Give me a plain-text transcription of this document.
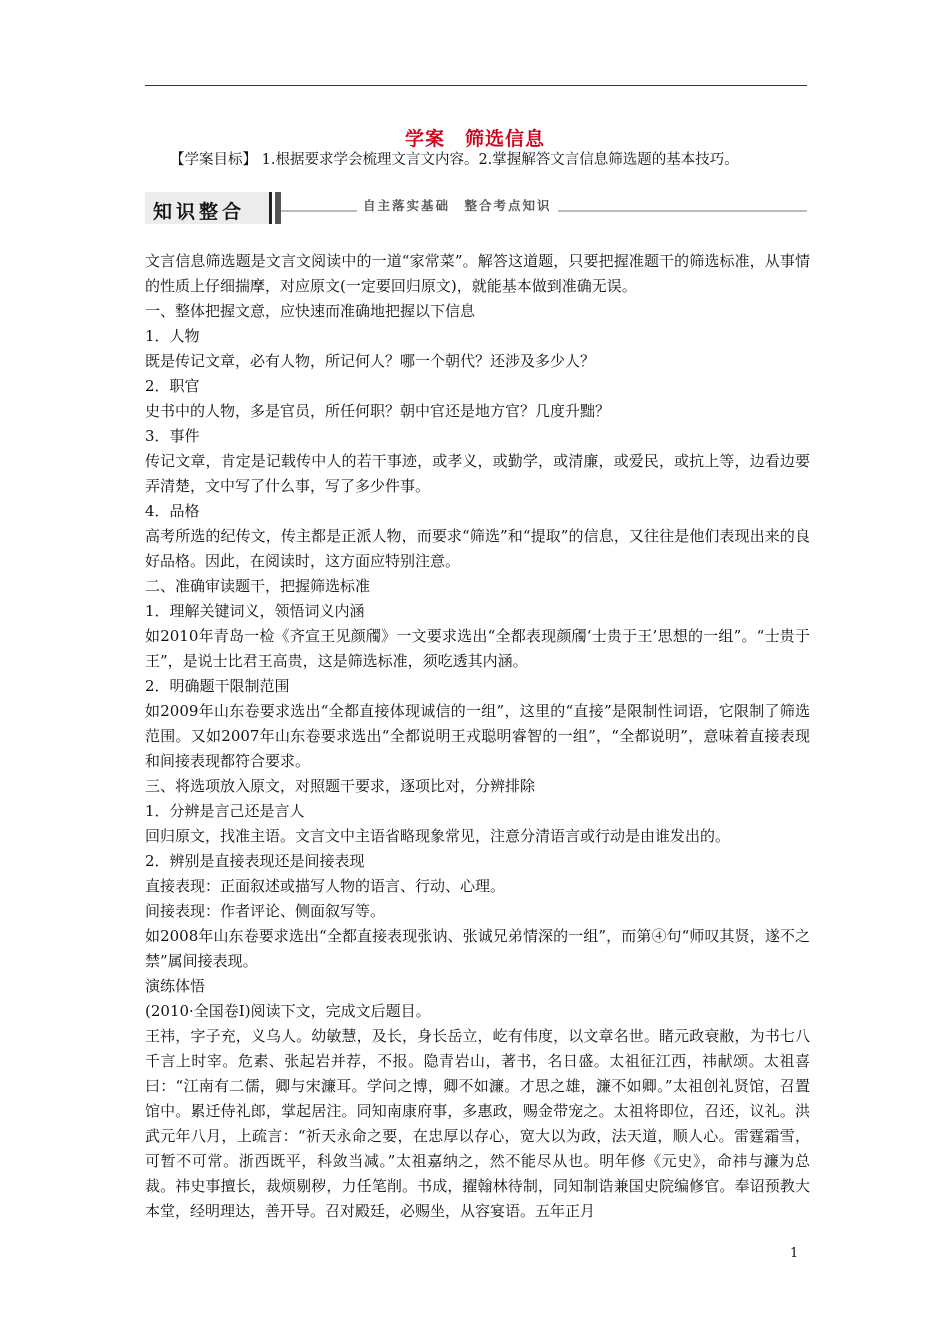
学案　筛选信息
【学案目标】 1.根据要求学会梳理文言文内容。2.掌握解答文言信息筛选题的基本技巧。
知识整合	自主落实基础　整合考点知识

文言信息筛选题是文言文阅读中的一道“家常菜”。解答这道题，只要把握准题干的筛选标准，从事情的性质上仔细揣摩，对应原文(一定要回归原文)，就能基本做到准确无误。

一、整体把握文意，应快速而准确地把握以下信息

1．人物

既是传记文章，必有人物，所记何人？哪一个朝代？还涉及多少人？

2．职官

史书中的人物，多是官员，所任何职？朝中官还是地方官？几度升黜？

3．事件

传记文章，肯定是记载传中人的若干事迹，或孝义，或勤学，或清廉，或爱民，或抗上等，边看边要弄清楚，文中写了什么事，写了多少件事。

4．品格

高考所选的纪传文，传主都是正派人物，而要求“筛选”和“提取”的信息，又往往是他们表现出来的良好品格。因此，在阅读时，这方面应特别注意。

二、准确审读题干，把握筛选标准

1．理解关键词义，领悟词义内涵

如2010年青岛一检《齐宣王见颜斶》一文要求选出“全都表现颜斶‘士贵于王’思想的一组”。“士贵于王”，是说士比君王高贵，这是筛选标准，须吃透其内涵。

2．明确题干限制范围

如2009年山东卷要求选出“全都直接体现诚信的一组”，这里的“直接”是限制性词语，它限制了筛选范围。又如2007年山东卷要求选出“全都说明王戎聪明睿智的一组”，“全都说明”，意味着直接表现和间接表现都符合要求。

三、将选项放入原文，对照题干要求，逐项比对，分辨排除

1．分辨是言己还是言人

回归原文，找准主语。文言文中主语省略现象常见，注意分清语言或行动是由谁发出的。

2．辨别是直接表现还是间接表现

直接表现：正面叙述或描写人物的语言、行动、心理。

间接表现：作者评论、侧面叙写等。

如2008年山东卷要求选出“全都直接表现张讷、张诚兄弟情深的一组”，而第④句“师叹其贤，遂不之禁”属间接表现。

演练体悟

(2010·全国卷Ⅰ)阅读下文，完成文后题目。

王祎，字子充，义乌人。幼敏慧，及长，身长岳立，屹有伟度，以文章名世。睹元政衰敝，为书七八千言上时宰。危素、张起岩并荐，不报。隐青岩山，著书，名日盛。太祖征江西，祎献颂。太祖喜曰：“江南有二儒，卿与宋濂耳。学问之博，卿不如濂。才思之雄，濂不如卿。”太祖创礼贤馆，召置馆中。累迁侍礼郎，掌起居注。同知南康府事，多惠政，赐金带宠之。太祖将即位，召还，议礼。洪武元年八月，上疏言：“祈天永命之要，在忠厚以存心，宽大以为政，法天道，顺人心。雷霆霜雪，可暂不可常。浙西既平，科敛当减。”太祖嘉纳之，然不能尽从也。明年修《元史》，命祎与濂为总裁。祎史事擅长，裁烦剔秽，力任笔削。书成，擢翰林待制，同知制诰兼国史院编修官。奉诏预教大本堂，经明理达，善开导。召对殿廷，必赐坐，从容宴语。五年正月

1
